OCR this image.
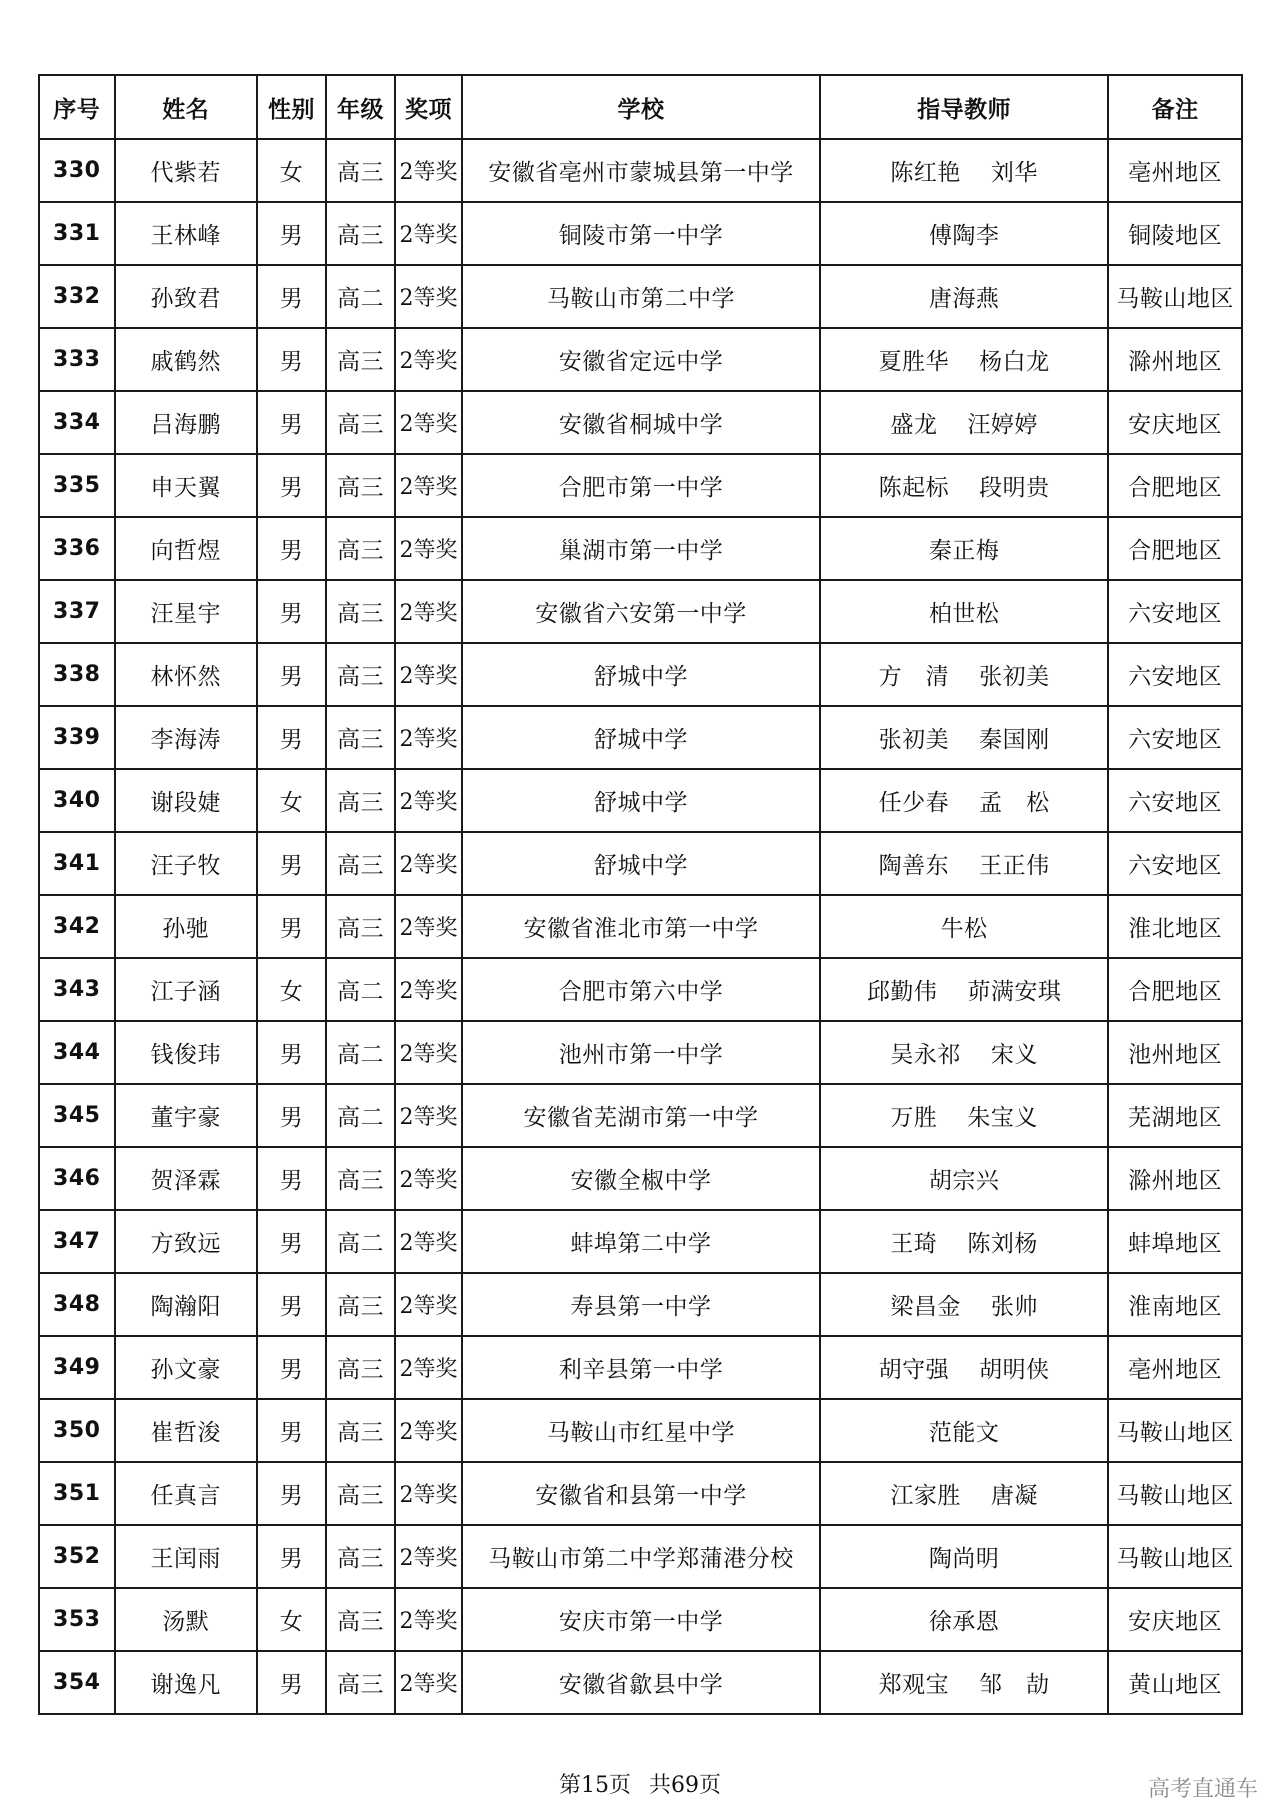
序号	姓名	性别	年级	奖项	学校	指导教师	备注
330	代紫若	女	高三	2等奖	安徽省亳州市蒙城县第一中学	陈红艳 刘华	亳州地区
331	王林峰	男	高三	2等奖	铜陵市第一中学	傅陶李	铜陵地区
332	孙致君	男	高二	2等奖	马鞍山市第二中学	唐海燕	马鞍山地区
333	戚鹤然	男	高三	2等奖	安徽省定远中学	夏胜华 杨白龙	滁州地区
334	吕海鹏	男	高三	2等奖	安徽省桐城中学	盛龙 汪婷婷	安庆地区
335	申天翼	男	高三	2等奖	合肥市第一中学	陈起标 段明贵	合肥地区
336	向哲煜	男	高三	2等奖	巢湖市第一中学	秦正梅	合肥地区
337	汪星宇	男	高三	2等奖	安徽省六安第一中学	柏世松	六安地区
338	林怀然	男	高三	2等奖	舒城中学	方　清 张初美	六安地区
339	李海涛	男	高三	2等奖	舒城中学	张初美 秦国刚	六安地区
340	谢段婕	女	高三	2等奖	舒城中学	任少春 孟　松	六安地区
341	汪子牧	男	高三	2等奖	舒城中学	陶善东 王正伟	六安地区
342	孙驰	男	高三	2等奖	安徽省淮北市第一中学	牛松	淮北地区
343	江子涵	女	高二	2等奖	合肥市第六中学	邱勤伟 茆满安琪	合肥地区
344	钱俊玮	男	高二	2等奖	池州市第一中学	吴永祁 宋义	池州地区
345	董宇豪	男	高二	2等奖	安徽省芜湖市第一中学	万胜 朱宝义	芜湖地区
346	贺泽霖	男	高三	2等奖	安徽全椒中学	胡宗兴	滁州地区
347	方致远	男	高二	2等奖	蚌埠第二中学	王琦 陈刘杨	蚌埠地区
348	陶瀚阳	男	高三	2等奖	寿县第一中学	梁昌金 张帅	淮南地区
349	孙文豪	男	高三	2等奖	利辛县第一中学	胡守强 胡明侠	亳州地区
350	崔哲浚	男	高三	2等奖	马鞍山市红星中学	范能文	马鞍山地区
351	任真言	男	高三	2等奖	安徽省和县第一中学	江家胜 唐凝	马鞍山地区
352	王闰雨	男	高三	2等奖	马鞍山市第二中学郑蒲港分校	陶尚明	马鞍山地区
353	汤默	女	高三	2等奖	安庆市第一中学	徐承恩	安庆地区
354	谢逸凡	男	高三	2等奖	安徽省歙县中学	郑观宝 邹　劼	黄山地区
第15页 共69页	高考直通车
